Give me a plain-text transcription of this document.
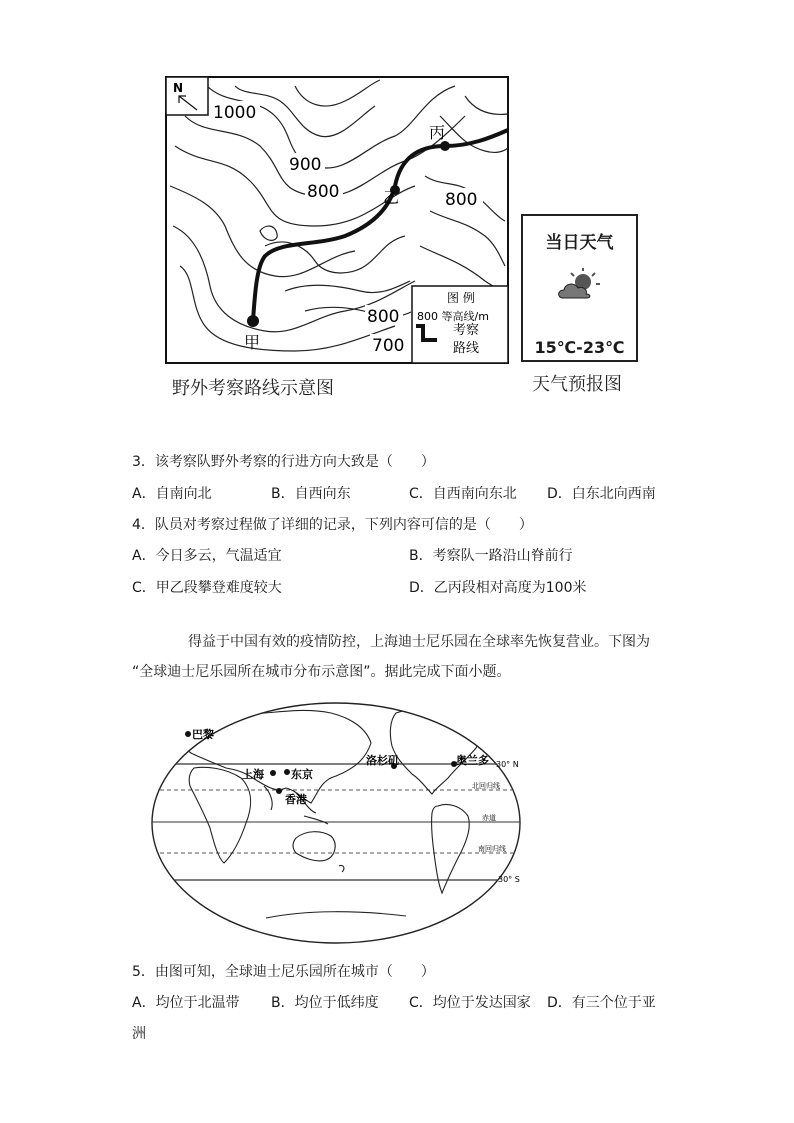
N
1000
900
800	800
800
700
甲
乙
丙
图 例
800 等高线/m
考察
路线
野外考察路线示意图
当日天气
15℃-23℃
天气预报图
3．该考察队野外考察的行进方向大致是（　　）
A．自南向北	B．自西向东	C．自西南向东北 D．白东北向西南
4．队员对考察过程做了详细的记录，下列内容可信的是（　　）
A．今日多云，气温适宜	B．考察队一路沿山脊前行
C．甲乙段攀登难度较大	D．乙丙段相对高度为100米
得益于中国有效的疫情防控，上海迪士尼乐园在全球率先恢复营业。下图为
“全球迪士尼乐园所在城市分布示意图”。据此完成下面小题。
巴黎
上海 东京
香港
洛杉矶	奥兰多 30° N
30° S
北回归线
赤道
南回归线
5．由图可知，全球迪士尼乐园所在城市（　　）
A．均位于北温带 B．均位于低纬度 C．均位于发达国家 D．有三个位于亚
洲
